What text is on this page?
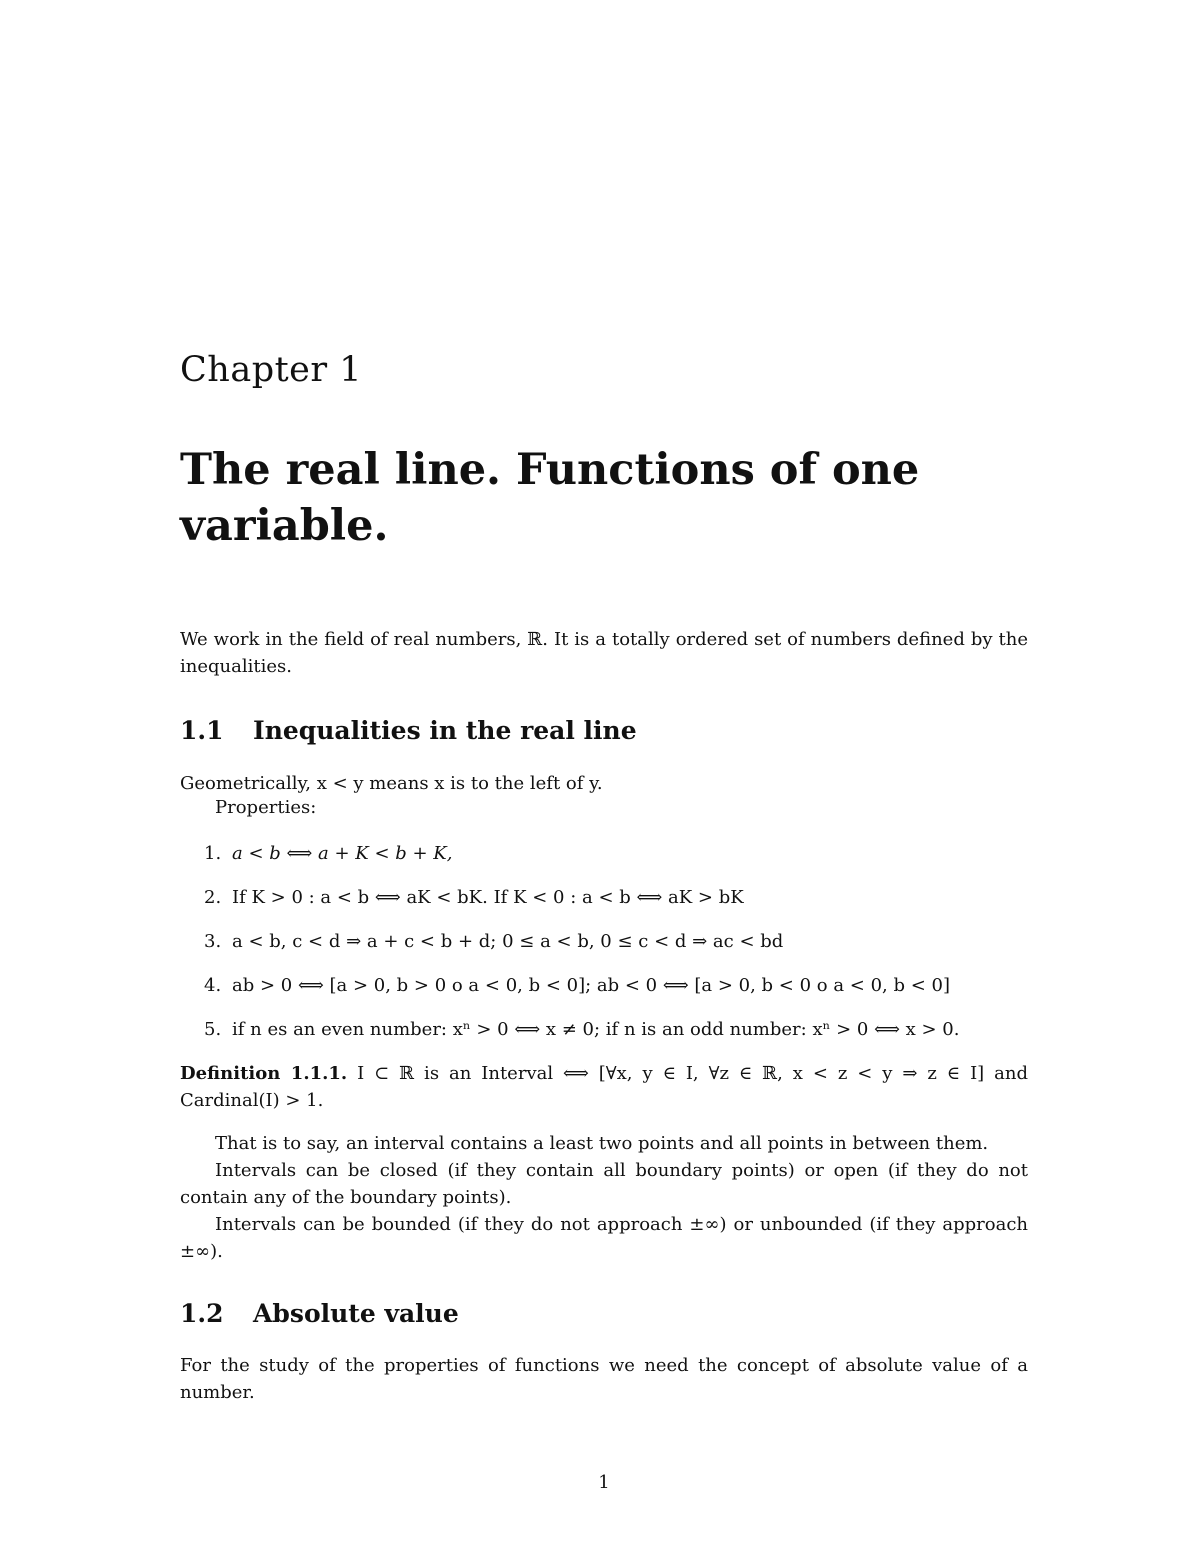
Chapter 1
The real line. Functions of one variable.

We work in the field of real numbers, ℝ. It is a totally ordered set of numbers defined by the inequalities.

1.1 Inequalities in the real line

Geometrically, x < y means x is to the left of y.

Properties:
1. a < b ⟺ a + K < b + K,
2. If K > 0 : a < b ⟺ aK < bK. If K < 0 : a < b ⟺ aK > bK
3. a < b, c < d ⇒ a + c < b + d; 0 ≤ a < b, 0 ≤ c < d ⇒ ac < bd
4. ab > 0 ⟺ [a > 0, b > 0 o a < 0, b < 0]; ab < 0 ⟺ [a > 0, b < 0 o a < 0, b < 0]
5. if n es an even number: xⁿ > 0 ⟺ x ≠ 0; if n is an odd number: xⁿ > 0 ⟺ x > 0.

Definition 1.1.1. I ⊂ ℝ is an Interval ⟺ [∀x, y ∈ I, ∀z ∈ ℝ, x < z < y ⇒ z ∈ I] and Cardinal(I) > 1.

That is to say, an interval contains a least two points and all points in between them.

Intervals can be closed (if they contain all boundary points) or open (if they do not contain any of the boundary points).

Intervals can be bounded (if they do not approach ±∞) or unbounded (if they approach ±∞).

1.2 Absolute value

For the study of the properties of functions we need the concept of absolute value of a number.

1
